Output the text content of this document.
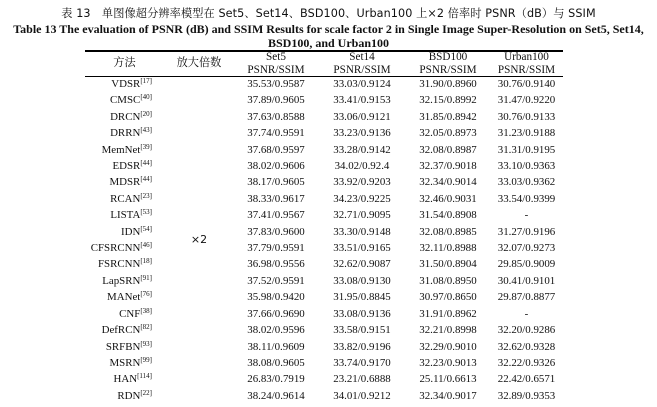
表 13　单图像超分辨率模型在 Set5、Set14、BSD100、Urban100 上×2 倍率时 PSNR（dB）与 SSIM
Table 13 The evaluation of PSNR (dB) and SSIM Results for scale factor 2 in Single Image Super-Resolution on Set5, Set14,
BSD100, and Urban100
方法	放大倍数	Set5	Set14	BSD100	Urban100
		PSNR/SSIM	PSNR/SSIM	PSNR/SSIM	PSNR/SSIM
VDSR[17]	×2	35.53/0.9587	33.03/0.9124	31.90/0.8960	30.76/0.9140
CMSC[40]		37.89/0.9605	33.41/0.9153	32.15/0.8992	31.47/0.9220
DRCN[20]		37.63/0.8588	33.06/0.9121	31.85/0.8942	30.76/0.9133
DRRN[43]		37.74/0.9591	33.23/0.9136	32.05/0.8973	31.23/0.9188
MemNet[39]		37.68/0.9597	33.28/0.9142	32.08/0.8987	31.31/0.9195
EDSR[44]		38.02/0.9606	34.02/0.92.4	32.37/0.9018	33.10/0.9363
MDSR[44]		38.17/0.9605	33.92/0.9203	32.34/0.9014	33.03/0.9362
RCAN[23]		38.33/0.9617	34.23/0.9225	32.46/0.9031	33.54/0.9399
LISTA[53]		37.41/0.9567	32.71/0.9095	31.54/0.8908	-
IDN[54]		37.83/0.9600	33.30/0.9148	32.08/0.8985	31.27/0.9196
CFSRCNN[46]		37.79/0.9591	33.51/0.9165	32.11/0.8988	32.07/0.9273
FSRCNN[18]		36.98/0.9556	32.62/0.9087	31.50/0.8904	29.85/0.9009
LapSRN[91]		37.52/0.9591	33.08/0.9130	31.08/0.8950	30.41/0.9101
MANet[76]		35.98/0.9420	31.95/0.8845	30.97/0.8650	29.87/0.8877
CNF[38]		37.66/0.9690	33.08/0.9136	31.91/0.8962	-
DefRCN[82]		38.02/0.9596	33.58/0.9151	32.21/0.8998	32.20/0.9286
SRFBN[93]		38.11/0.9609	33.82/0.9196	32.29/0.9010	32.62/0.9328
MSRN[99]		38.08/0.9605	33.74/0.9170	32.23/0.9013	32.22/0.9326
HAN[114]		26.83/0.7919	23.21/0.6888	25.11/0.6613	22.42/0.6571
RDN[22]		38.24/0.9614	34.01/0.9212	32.34/0.9017	32.89/0.9353
